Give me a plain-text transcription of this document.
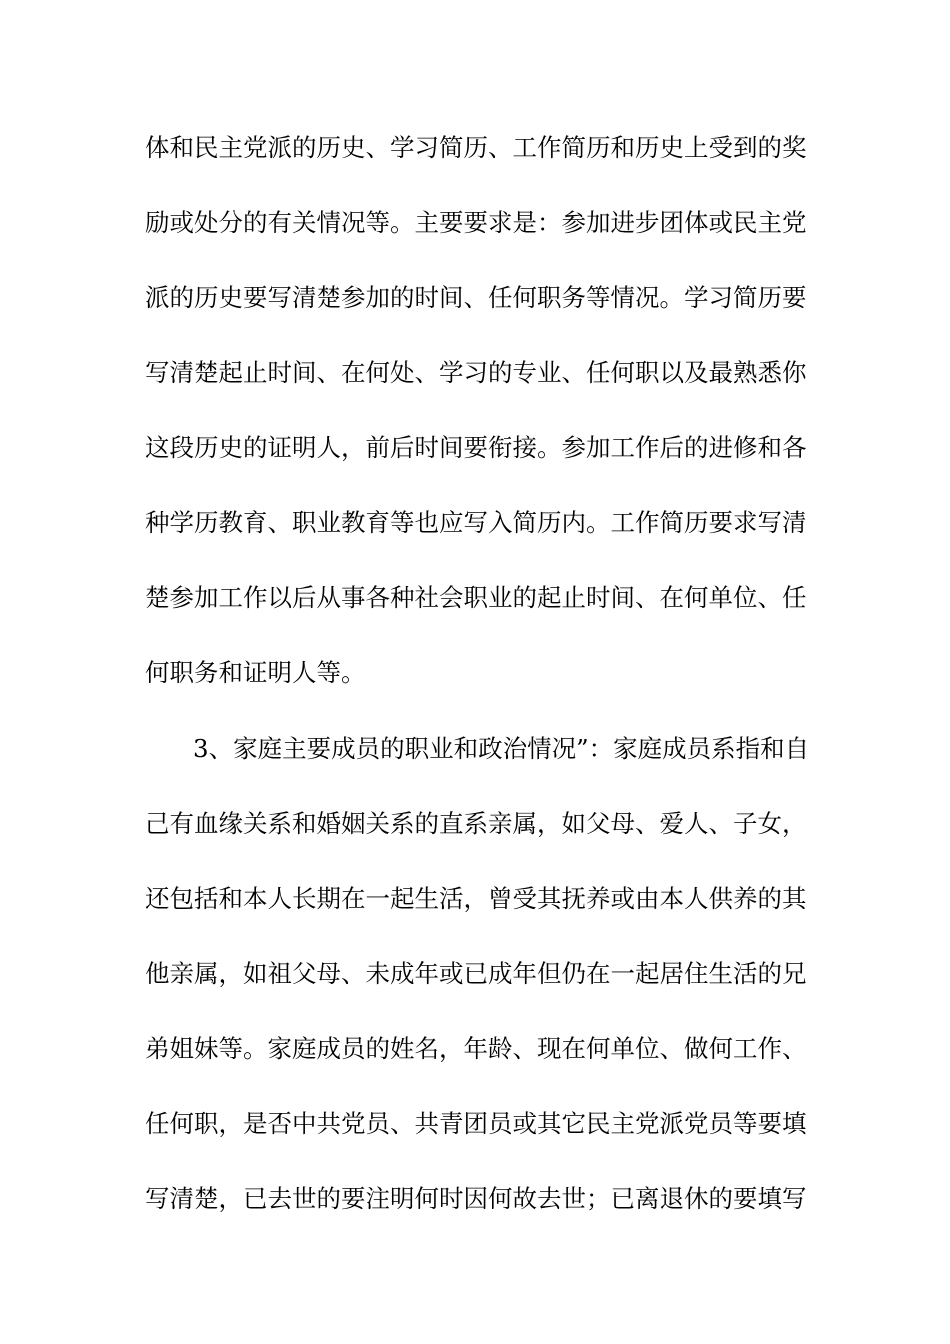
体和民主党派的历史、学习简历、工作简历和历史上受到的奖
励或处分的有关情况等。主要要求是：参加进步团体或民主党
派的历史要写清楚参加的时间、任何职务等情况。学习简历要
写清楚起止时间、在何处、学习的专业、任何职以及最熟悉你
这段历史的证明人，前后时间要衔接。参加工作后的进修和各
种学历教育、职业教育等也应写入简历内。工作简历要求写清
楚参加工作以后从事各种社会职业的起止时间、在何单位、任
何职务和证明人等。
3、家庭主要成员的职业和政治情况”：家庭成员系指和自
己有血缘关系和婚姻关系的直系亲属，如父母、爱人、子女，
还包括和本人长期在一起生活，曾受其抚养或由本人供养的其
他亲属，如祖父母、未成年或已成年但仍在一起居住生活的兄
弟姐妹等。家庭成员的姓名，年龄、现在何单位、做何工作、
任何职，是否中共党员、共青团员或其它民主党派党员等要填
写清楚，已去世的要注明何时因何故去世；已离退休的要填写
